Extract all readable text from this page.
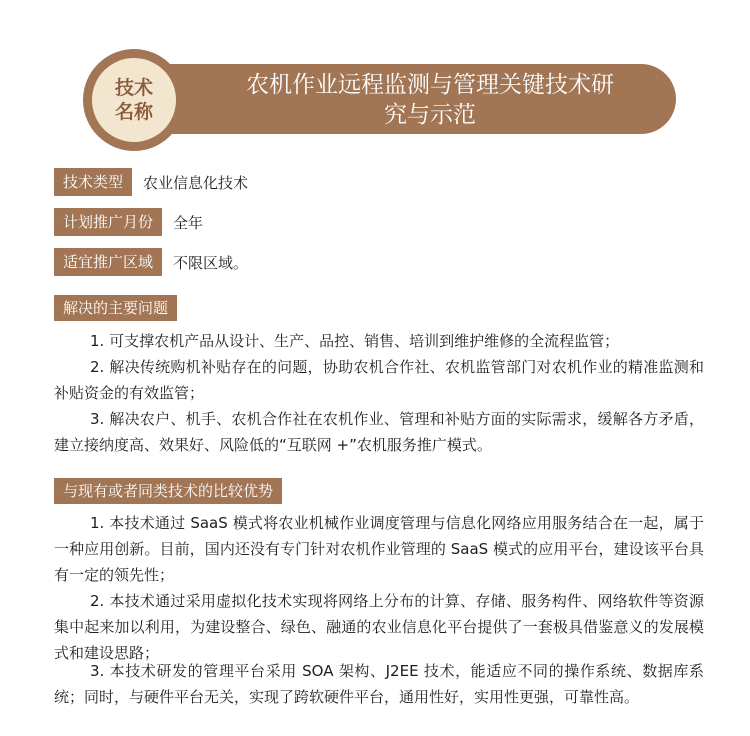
农机作业远程监测与管理关键技术研
究与示范
技术
名称
技术类型	农业信息化技术
计划推广月份	全年
适宜推广区域	不限区域。
解决的主要问题

1. 可支撑农机产品从设计、生产、品控、销售、培训到维护维修的全流程监管；

2. 解决传统购机补贴存在的问题，协助农机合作社、农机监管部门对农机作业的精准监测和补贴资金的有效监管；

3. 解决农户、机手、农机合作社在农机作业、管理和补贴方面的实际需求，缓解各方矛盾，建立接纳度高、效果好、风险低的“互联网 +”农机服务推广模式。

与现有或者同类技术的比较优势

1. 本技术通过 SaaS 模式将农业机械作业调度管理与信息化网络应用服务结合在一起，属于一种应用创新。目前，国内还没有专门针对农机作业管理的 SaaS 模式的应用平台，建设该平台具有一定的领先性；

2. 本技术通过采用虚拟化技术实现将网络上分布的计算、存储、服务构件、网络软件等资源集中起来加以利用，为建设整合、绿色、融通的农业信息化平台提供了一套极具借鉴意义的发展模式和建设思路；

3. 本技术研发的管理平台采用 SOA 架构、J2EE 技术，能适应不同的操作系统、数据库系统；同时，与硬件平台无关，实现了跨软硬件平台，通用性好，实用性更强，可靠性高。
